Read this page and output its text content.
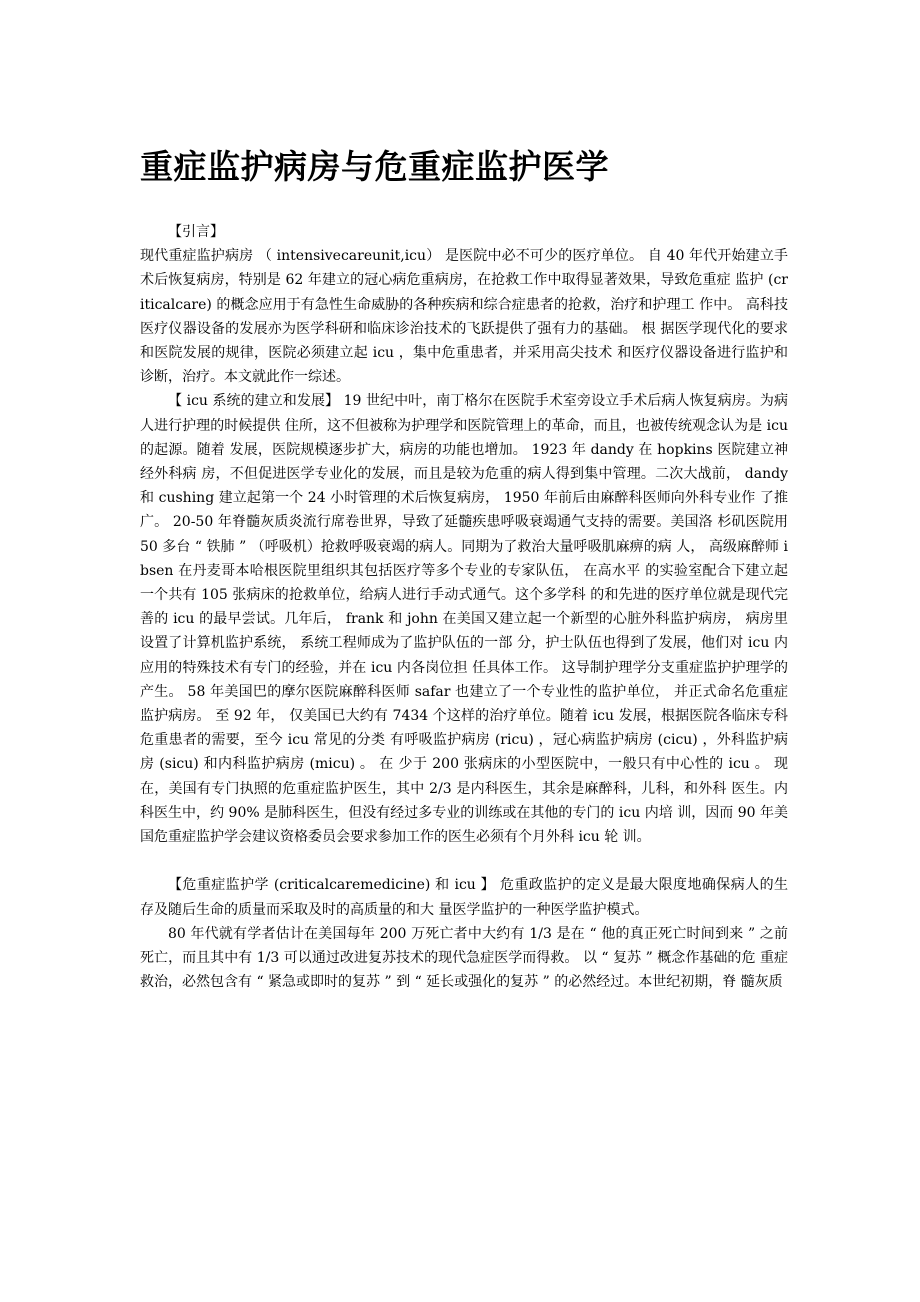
重症监护病房与危重症监护医学

【引言】

现代重症监护病房 （ intensivecareunit,icu） 是医院中必不可少的医疗单位。 自 40 年代开始建立手 术后恢复病房，特别是 62 年建立的冠心病危重病房，在抢救工作中取得显著效果，导致危重症 监护 (criticalcare) 的概念应用于有急性生命威胁的各种疾病和综合症患者的抢救，治疗和护理工 作中。 高科技医疗仪器设备的发展亦为医学科研和临床诊治技术的飞跃提供了强有力的基础。 根 据医学现代化的要求和医院发展的规律，医院必须建立起 icu ，集中危重患者，并采用高尖技术 和医疗仪器设备进行监护和诊断，治疗。本文就此作一综述。

【 icu 系统的建立和发展】 19 世纪中叶，南丁格尔在医院手术室旁设立手术后病人恢复病房。为病人进行护理的时候提供 住所，这不但被称为护理学和医院管理上的革命，而且，也被传统观念认为是 icu 的起源。随着 发展，医院规模逐步扩大，病房的功能也增加。 1923 年 dandy 在 hopkins 医院建立神经外科病 房，不但促进医学专业化的发展，而且是较为危重的病人得到集中管理。二次大战前， dandy 和 cushing 建立起第一个 24 小时管理的术后恢复病房， 1950 年前后由麻醉科医师向外科专业作 了推广。 20-50 年脊髓灰质炎流行席卷世界，导致了延髓疾患呼吸衰竭通气支持的需要。美国洛 杉矶医院用 50 多台 “ 铁肺 ” （呼吸机）抢救呼吸衰竭的病人。同期为了救治大量呼吸肌麻痹的病 人， 高级麻醉师 ibsen 在丹麦哥本哈根医院里组织其包括医疗等多个专业的专家队伍， 在高水平 的实验室配合下建立起一个共有 105 张病床的抢救单位，给病人进行手动式通气。这个多学科 的和先进的医疗单位就是现代完善的 icu 的最早尝试。几年后， frank 和 john 在美国又建立起一个新型的心脏外科监护病房， 病房里设置了计算机监护系统， 系统工程师成为了监护队伍的一部 分，护士队伍也得到了发展，他们对 icu 内应用的特殊技术有专门的经验，并在 icu 内各岗位担 任具体工作。 这导制护理学分支重症监护护理学的产生。 58 年美国巴的摩尔医院麻醉科医师 safar 也建立了一个专业性的监护单位， 并正式命名危重症监护病房。 至 92 年， 仅美国已大约有 7434 个这样的治疗单位。随着 icu 发展，根据医院各临床专科危重患者的需要，至今 icu 常见的分类 有呼吸监护病房 (ricu) ，冠心病监护病房 (cicu) ，外科监护病房 (sicu) 和内科监护病房 (micu) 。 在 少于 200 张病床的小型医院中，一般只有中心性的 icu 。 现在，美国有专门执照的危重症监护医生，其中 2/3 是内科医生，其余是麻醉科，儿科，和外科 医生。内科医生中，约 90% 是肺科医生，但没有经过多专业的训练或在其他的专门的 icu 内培 训，因而 90 年美国危重症监护学会建议资格委员会要求参加工作的医生必须有个月外科 icu 轮 训。

【危重症监护学 (criticalcaremedicine) 和 icu 】 危重政监护的定义是最大限度地确保病人的生存及随后生命的质量而采取及时的高质量的和大 量医学监护的一种医学监护模式。

80 年代就有学者估计在美国每年 200 万死亡者中大约有 1/3 是在 “ 他的真正死亡时间到来 ” 之前 死亡，而且其中有 1/3 可以通过改进复苏技术的现代急症医学而得救。 以 “ 复苏 ” 概念作基础的危 重症救治，必然包含有 “ 紧急或即时的复苏 ” 到 “ 延长或强化的复苏 ” 的必然经过。本世纪初期，脊 髓灰质
